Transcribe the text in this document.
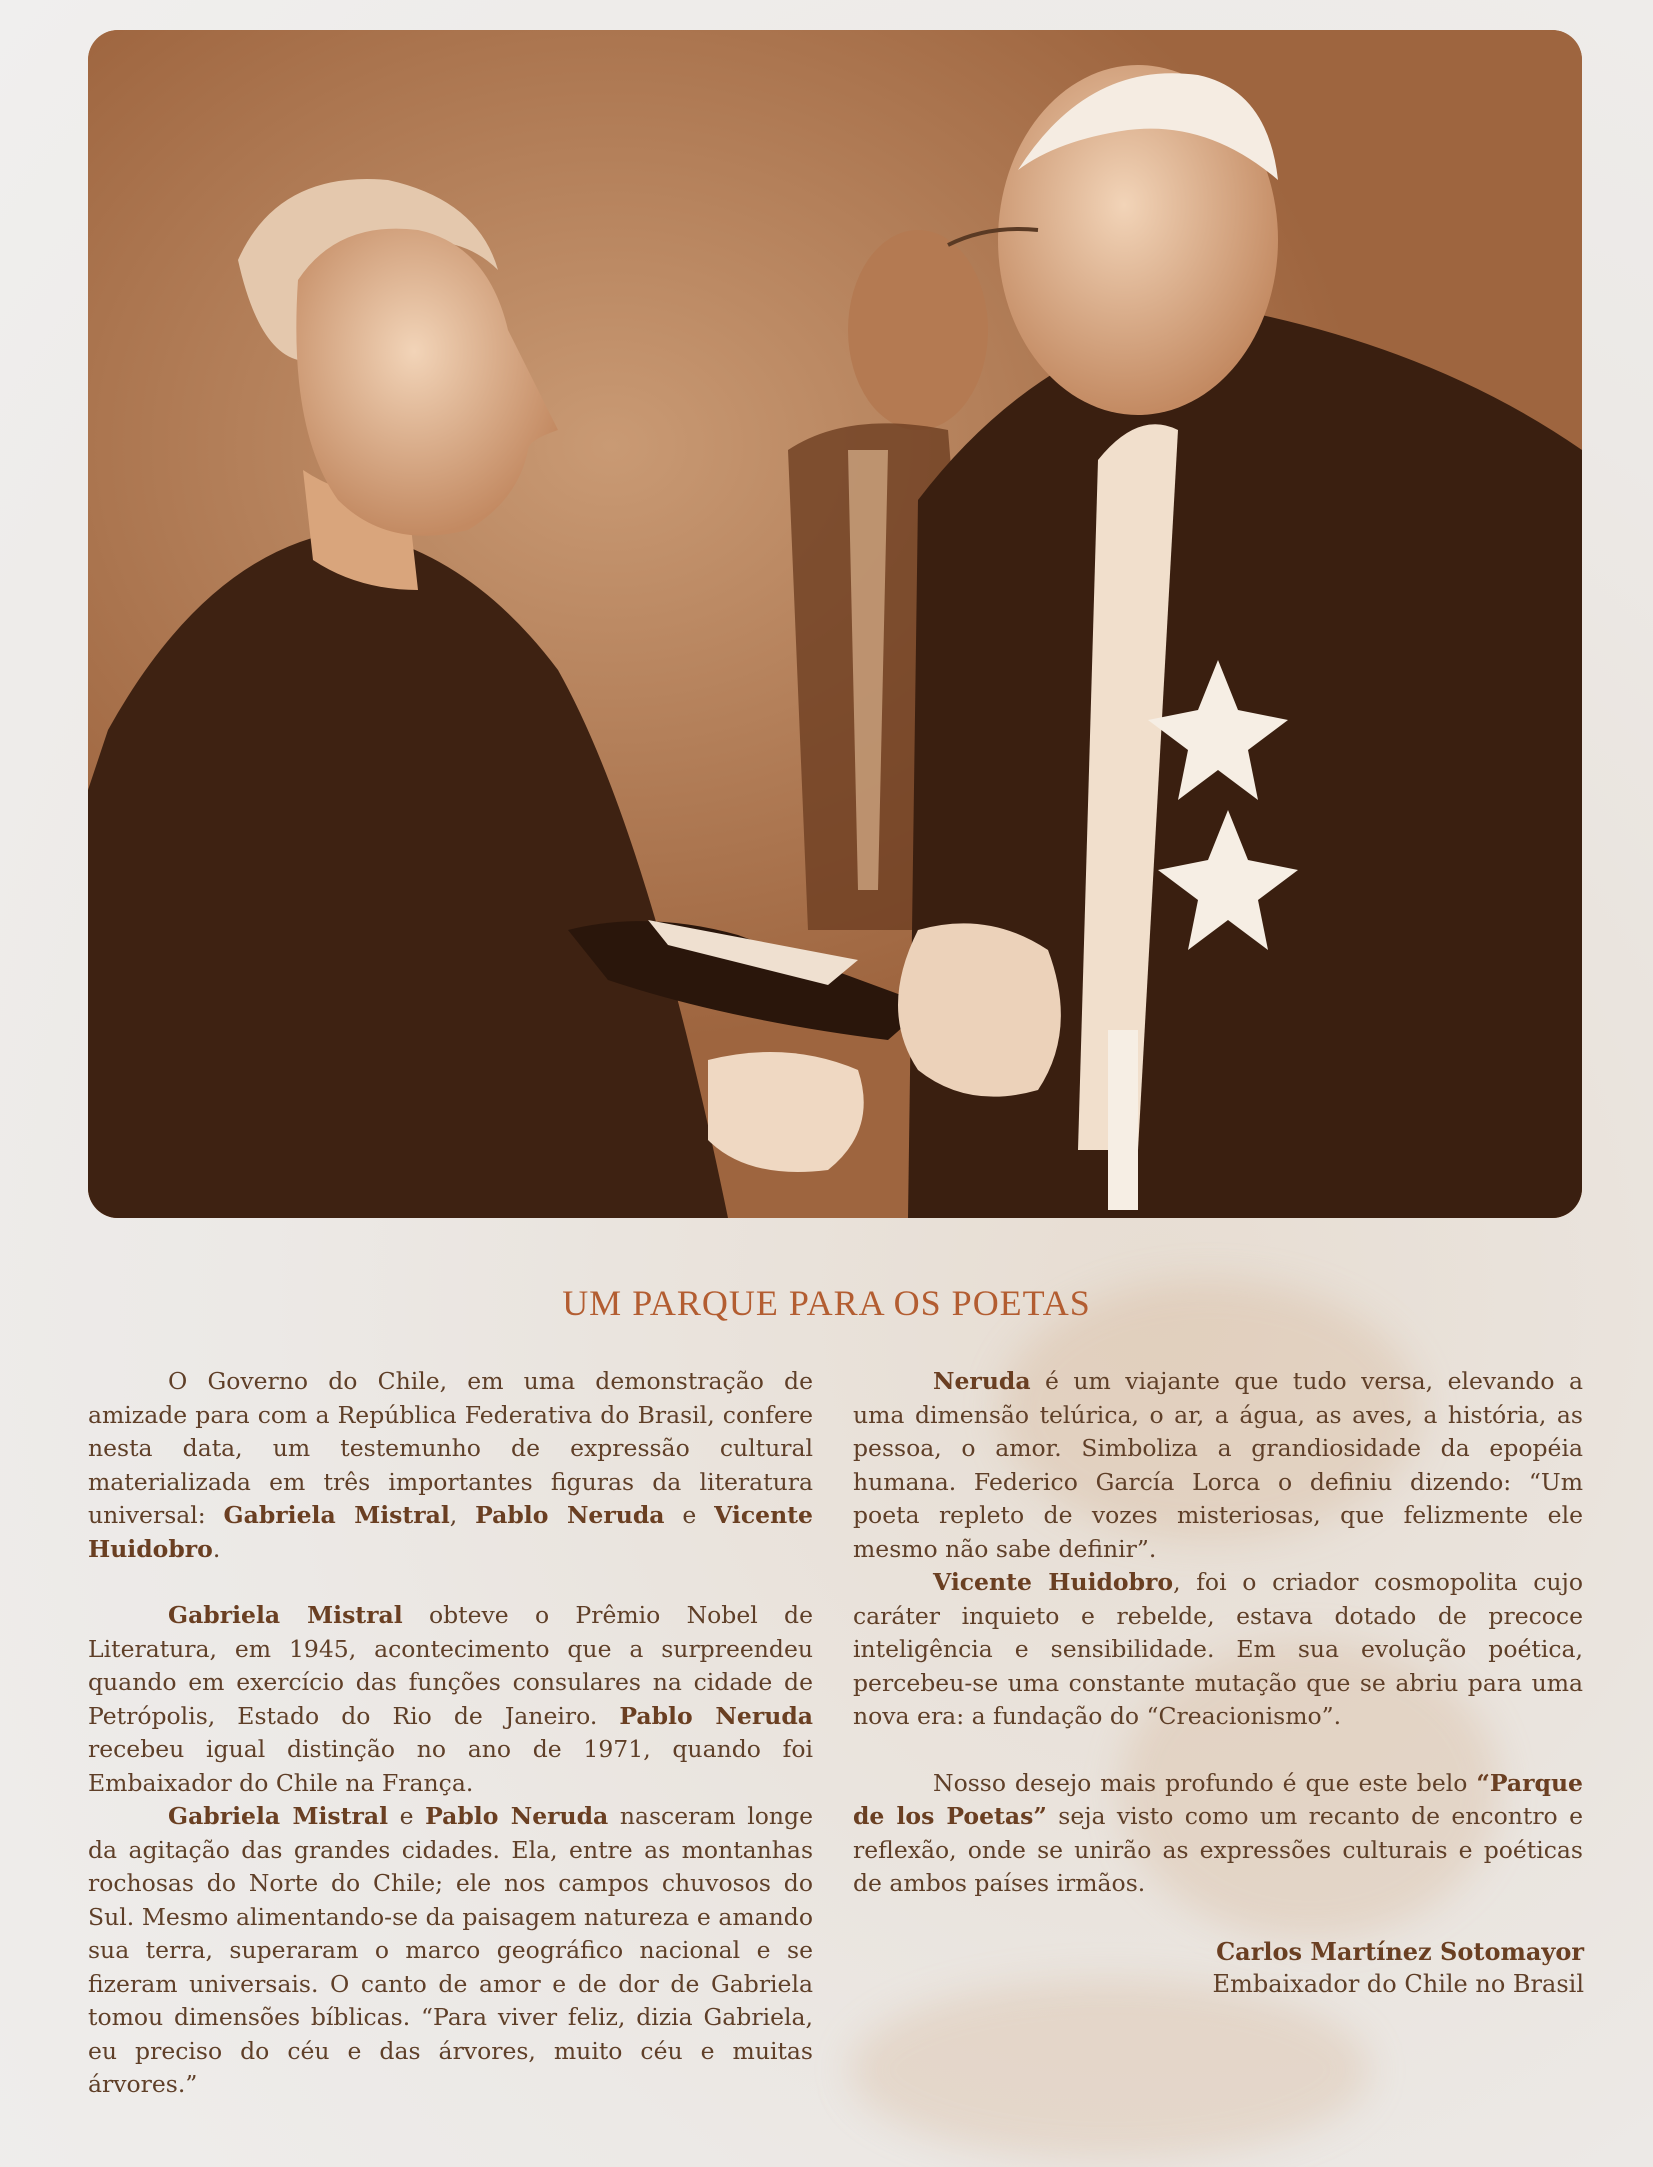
UM PARQUE PARA OS POETAS

O Governo do Chile, em uma demonstração de amizade para com a República Federativa do Brasil, confere nesta data, um testemunho de expressão cultural materializada em três importantes figuras da literatura universal: Gabriela Mistral, Pablo Neruda e Vicente Huidobro.

Gabriela Mistral obteve o Prêmio Nobel de Literatura, em 1945, acontecimento que a surpreendeu quando em exercício das funções consulares na cidade de Petrópolis, Estado do Rio de Janeiro. Pablo Neruda recebeu igual distinção no ano de 1971, quando foi Embaixador do Chile na França.

Gabriela Mistral e Pablo Neruda nasceram longe da agitação das grandes cidades. Ela, entre as montanhas rochosas do Norte do Chile; ele nos campos chuvosos do Sul. Mesmo alimentando-se da paisagem natureza e amando sua terra, superaram o marco geográfico nacional e se fizeram universais. O canto de amor e de dor de Gabriela tomou dimensões bíblicas. “Para viver feliz, dizia Gabriela, eu preciso do céu e das árvores, muito céu e muitas árvores.”

Neruda é um viajante que tudo versa, elevando a uma dimensão telúrica, o ar, a água, as aves, a história, as pessoa, o amor. Simboliza a grandiosidade da epopéia humana. Federico García Lorca o definiu dizendo: “Um poeta repleto de vozes misteriosas, que felizmente ele mesmo não sabe definir”.

Vicente Huidobro, foi o criador cosmopolita cujo caráter inquieto e rebelde, estava dotado de precoce inteligência e sensibilidade. Em sua evolução poética, percebeu-se uma constante mutação que se abriu para uma nova era: a fundação do “Creacionismo”.

Nosso desejo mais profundo é que este belo “Parque de los Poetas” seja visto como um recanto de encontro e reflexão, onde se unirão as expressões culturais e poéticas de ambos países irmãos.

Carlos Martínez Sotomayor
Embaixador do Chile no Brasil
